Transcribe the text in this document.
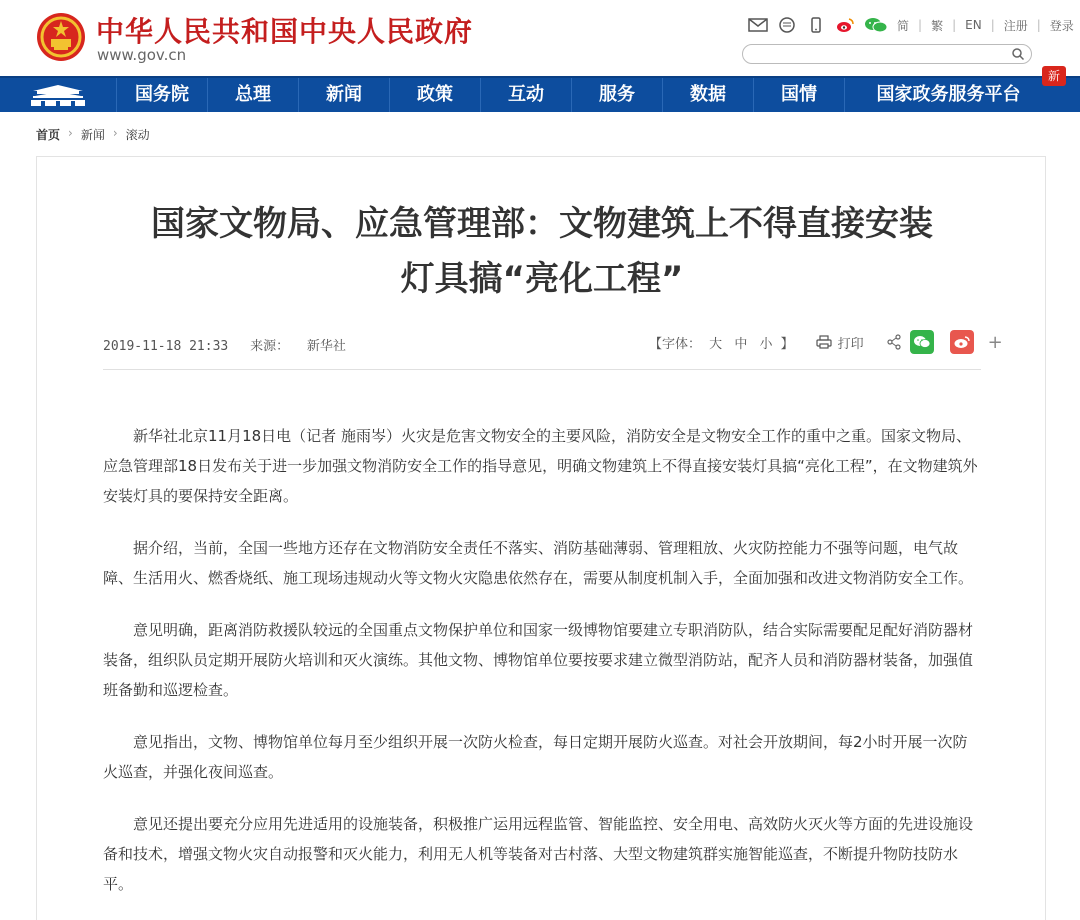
中华人民共和国中央人民政府
www.gov.cn
简 | 繁 | EN | 注册 | 登录
国务院	总理	新闻	政策	互动	服务	数据	国情	国家政务服务平台
新
首页 › 新闻 › 滚动
国家文物局、应急管理部：文物建筑上不得直接安装
灯具搞“亮化工程”
2019-11-18 21:33 来源： 新华社	【字体： 大 中 小 】	打印	+

新华社北京11月18日电（记者 施雨岑）火灾是危害文物安全的主要风险，消防安全是文物安全工作的重中之重。国家文物局、应急管理部18日发布关于进一步加强文物消防安全工作的指导意见，明确文物建筑上不得直接安装灯具搞“亮化工程”，在文物建筑外安装灯具的要保持安全距离。

据介绍，当前，全国一些地方还存在文物消防安全责任不落实、消防基础薄弱、管理粗放、火灾防控能力不强等问题，电气故障、生活用火、燃香烧纸、施工现场违规动火等文物火灾隐患依然存在，需要从制度机制入手，全面加强和改进文物消防安全工作。

意见明确，距离消防救援队较远的全国重点文物保护单位和国家一级博物馆要建立专职消防队，结合实际需要配足配好消防器材装备，组织队员定期开展防火培训和灭火演练。其他文物、博物馆单位要按要求建立微型消防站，配齐人员和消防器材装备，加强值班备勤和巡逻检查。

意见指出，文物、博物馆单位每月至少组织开展一次防火检查，每日定期开展防火巡查。对社会开放期间，每2小时开展一次防火巡查，并强化夜间巡查。

意见还提出要充分应用先进适用的设施装备，积极推广运用远程监管、智能监控、安全用电、高效防火灭火等方面的先进设施设备和技术，增强文物火灾自动报警和灭火能力，利用无人机等装备对古村落、大型文物建筑群实施智能巡查，不断提升物防技防水平。
